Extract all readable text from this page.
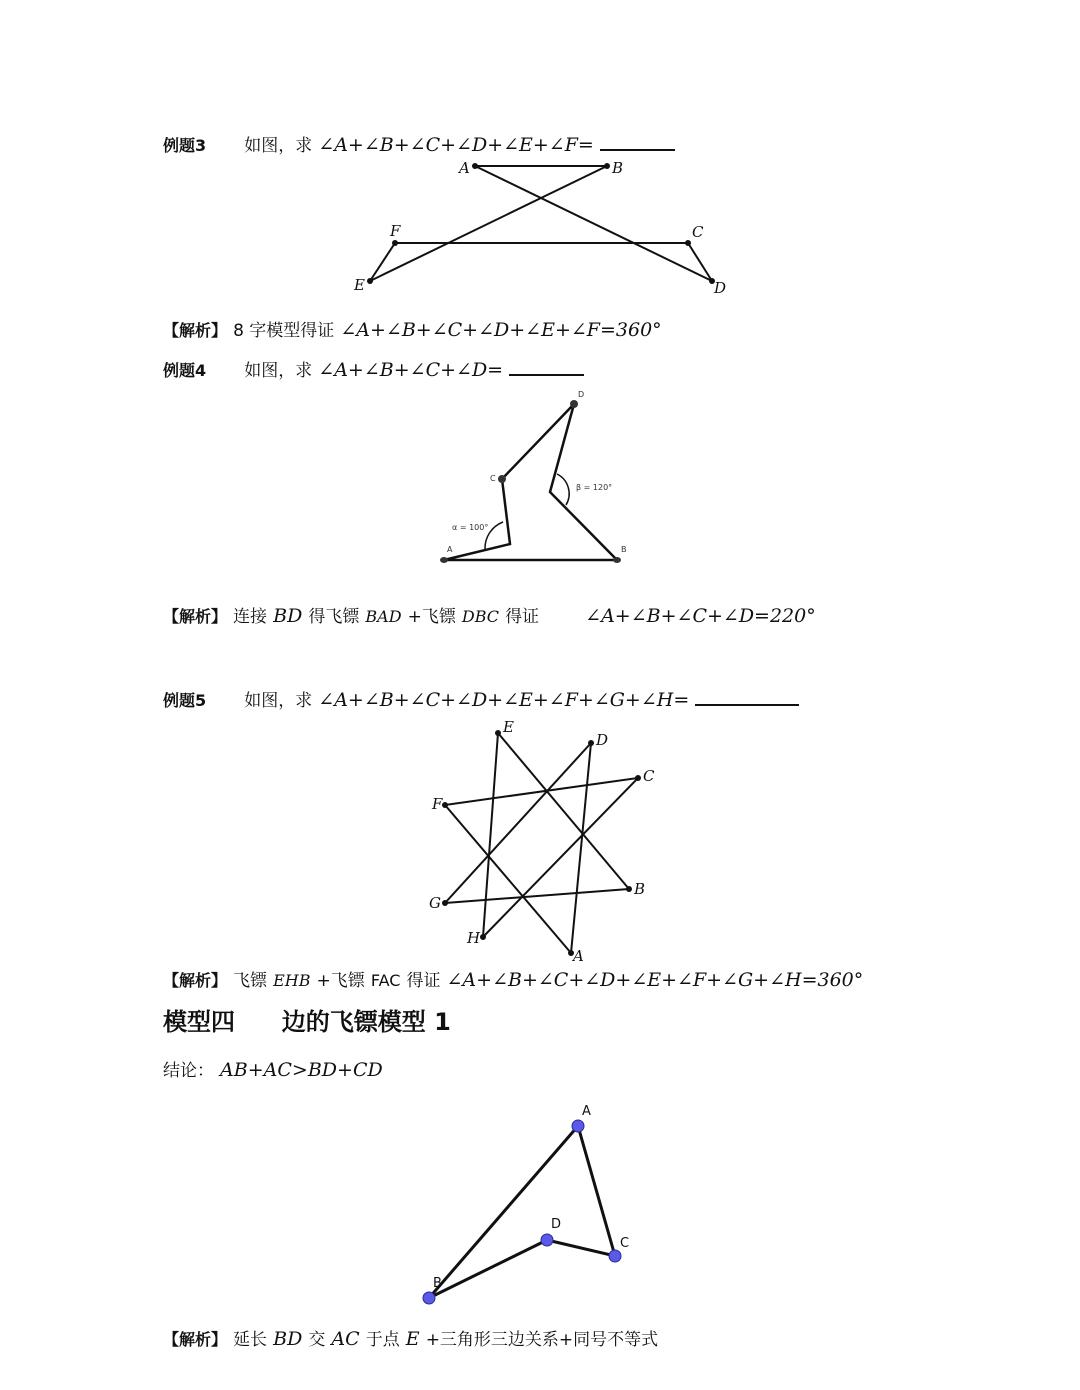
例题3 如图，求 ∠A+∠B+∠C+∠D+∠E+∠F=
【解析】 8 字模型得证 ∠A+∠B+∠C+∠D+∠E+∠F=360°
例题4 如图，求 ∠A+∠B+∠C+∠D=
【解析】 连接 BD 得飞镖 BAD +飞镖 DBC 得证 ∠A+∠B+∠C+∠D=220°
例题5 如图，求 ∠A+∠B+∠C+∠D+∠E+∠F+∠G+∠H=
【解析】 飞镖 EHB +飞镖 FAC 得证 ∠A+∠B+∠C+∠D+∠E+∠F+∠G+∠H=360°
模型四 边的飞镖模型 1
结论： AB+AC>BD+CD
【解析】 延长 BD 交 AC 于点 E +三角形三边关系+同号不等式
A	B
C
D
E
F
A	B
C
D
α = 100°
β = 120°
A
B
C
D
E
F
G
H
A
B
C
D
